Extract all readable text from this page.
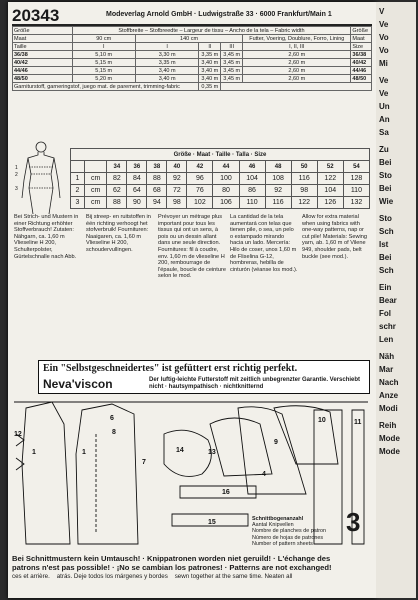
20343	Modeverlag Arnold GmbH · Ludwigstraße 33 · 6000 Frankfurt/Main 1
Größe	Stoffbreite – Stofbreedte – Largeur de tissu – Ancho de la tela – Fabric width					Größe
Maat	90 cm	140 cm			Futter, Voering, Doublure, Forro, Lining	Maat
Taille	I	I	II	III	I, II, III	Size
36/38	5,10 m	3,30 m	3,35 m	3,45 m	2,60 m	36/38
40/42	5,15 m	3,35 m	3,40 m	3,45 m	2,60 m	40/42
44/46	5,15 m	3,40 m	3,40 m	3,45 m	2,60 m	44/46
48/50	5,20 m	3,40 m	3,40 m	3,45 m	2,60 m	48/50
Garniturstoff, garneringstof, juego mat. de parement, trimming-fabric			0,35 m			
1
2
3
Größe · Maat · Taille · Talla · Size												
		34	36	38	40	42	44	46	48	50	52	54
1	cm	82	84	88	92	96	100	104	108	116	122	128
2	cm	62	64	68	72	76	80	86	92	98	104	110
3	cm	88	90	94	98	102	106	110	116	122	126	132
Bei Strich- und Mustern in einer Richtung erhöhter Stoffverbrauch! Zutaten: Nähgarn, ca. 1,60 m Vlieseline H 200, Schulterpolster, Gürtelschnalle nach Abb.
Bij streep- en ruitstoffen in één richting verhoogt het stofverbruik! Fournituren: Naaigaren, ca. 1,60 m Vlieseline H 200, schoudervullingen.
Prévoyer un métrage plus important pour tous les tissus qui ont un sens, à pois ou un dessin allant dans une seule direction. Fournitures: fil à coudre, env. 1,60 m de vlieseline H 200, rembourrage de l'épaule, boucle de ceinture selon le mod.
La cantidad de la tela aumentará con telas que tienen pile, o sea, un pelo o estampado mirando hacia un lado. Mercería: Hilo de coser, unos 1,60 m de Fliselina G-12, hombreras, hebilla de cinturón (véanse los mod.).
Allow for extra material when using fabrics with one-way patterns, nap or cut pile! Materials: Sewing yarn, ab. 1,60 m of Vilene 949, shoulder pads, belt buckle (see mod.).
Ein "Selbstgeschneidertes" ist gefüttert erst richtig perfekt.
Neva'viscon	Der luftig-leichte Futterstoff mit zeitlich unbegrenzter Garantie. Verschiebt nicht · hautsympathisch · nichtknitternd
6
12
1
8
7
14	13
16
15
9
10	11
1
4
Schnittbogenanzahl
Aantal Knipvellen
Nombre de planches de patron
Número de hojas de patrones
Number of pattern sheets
3
Bei Schnittmustern kein Umtausch! · Knippatronen worden niet geruild! · L'échange des
patrons n'est pas possible! · ¡No se cambian los patrones! · Patterns are not exchanged!
ces et arrière. atrás. Deje todos los márgenes y bordes sewn together at the same time. Neaten all
V
Ve
Vo
Vo
Mi
Ve
Ve
Un
An
Sa
Zu
Bei
Sto
Bei
Wie
Sto
Sch
Ist
Bei
Sch
Ein
Bear
Fol
schr
Len
Näh
Mar
Nach
Anze
Modi
Reih
Mode
Mode
